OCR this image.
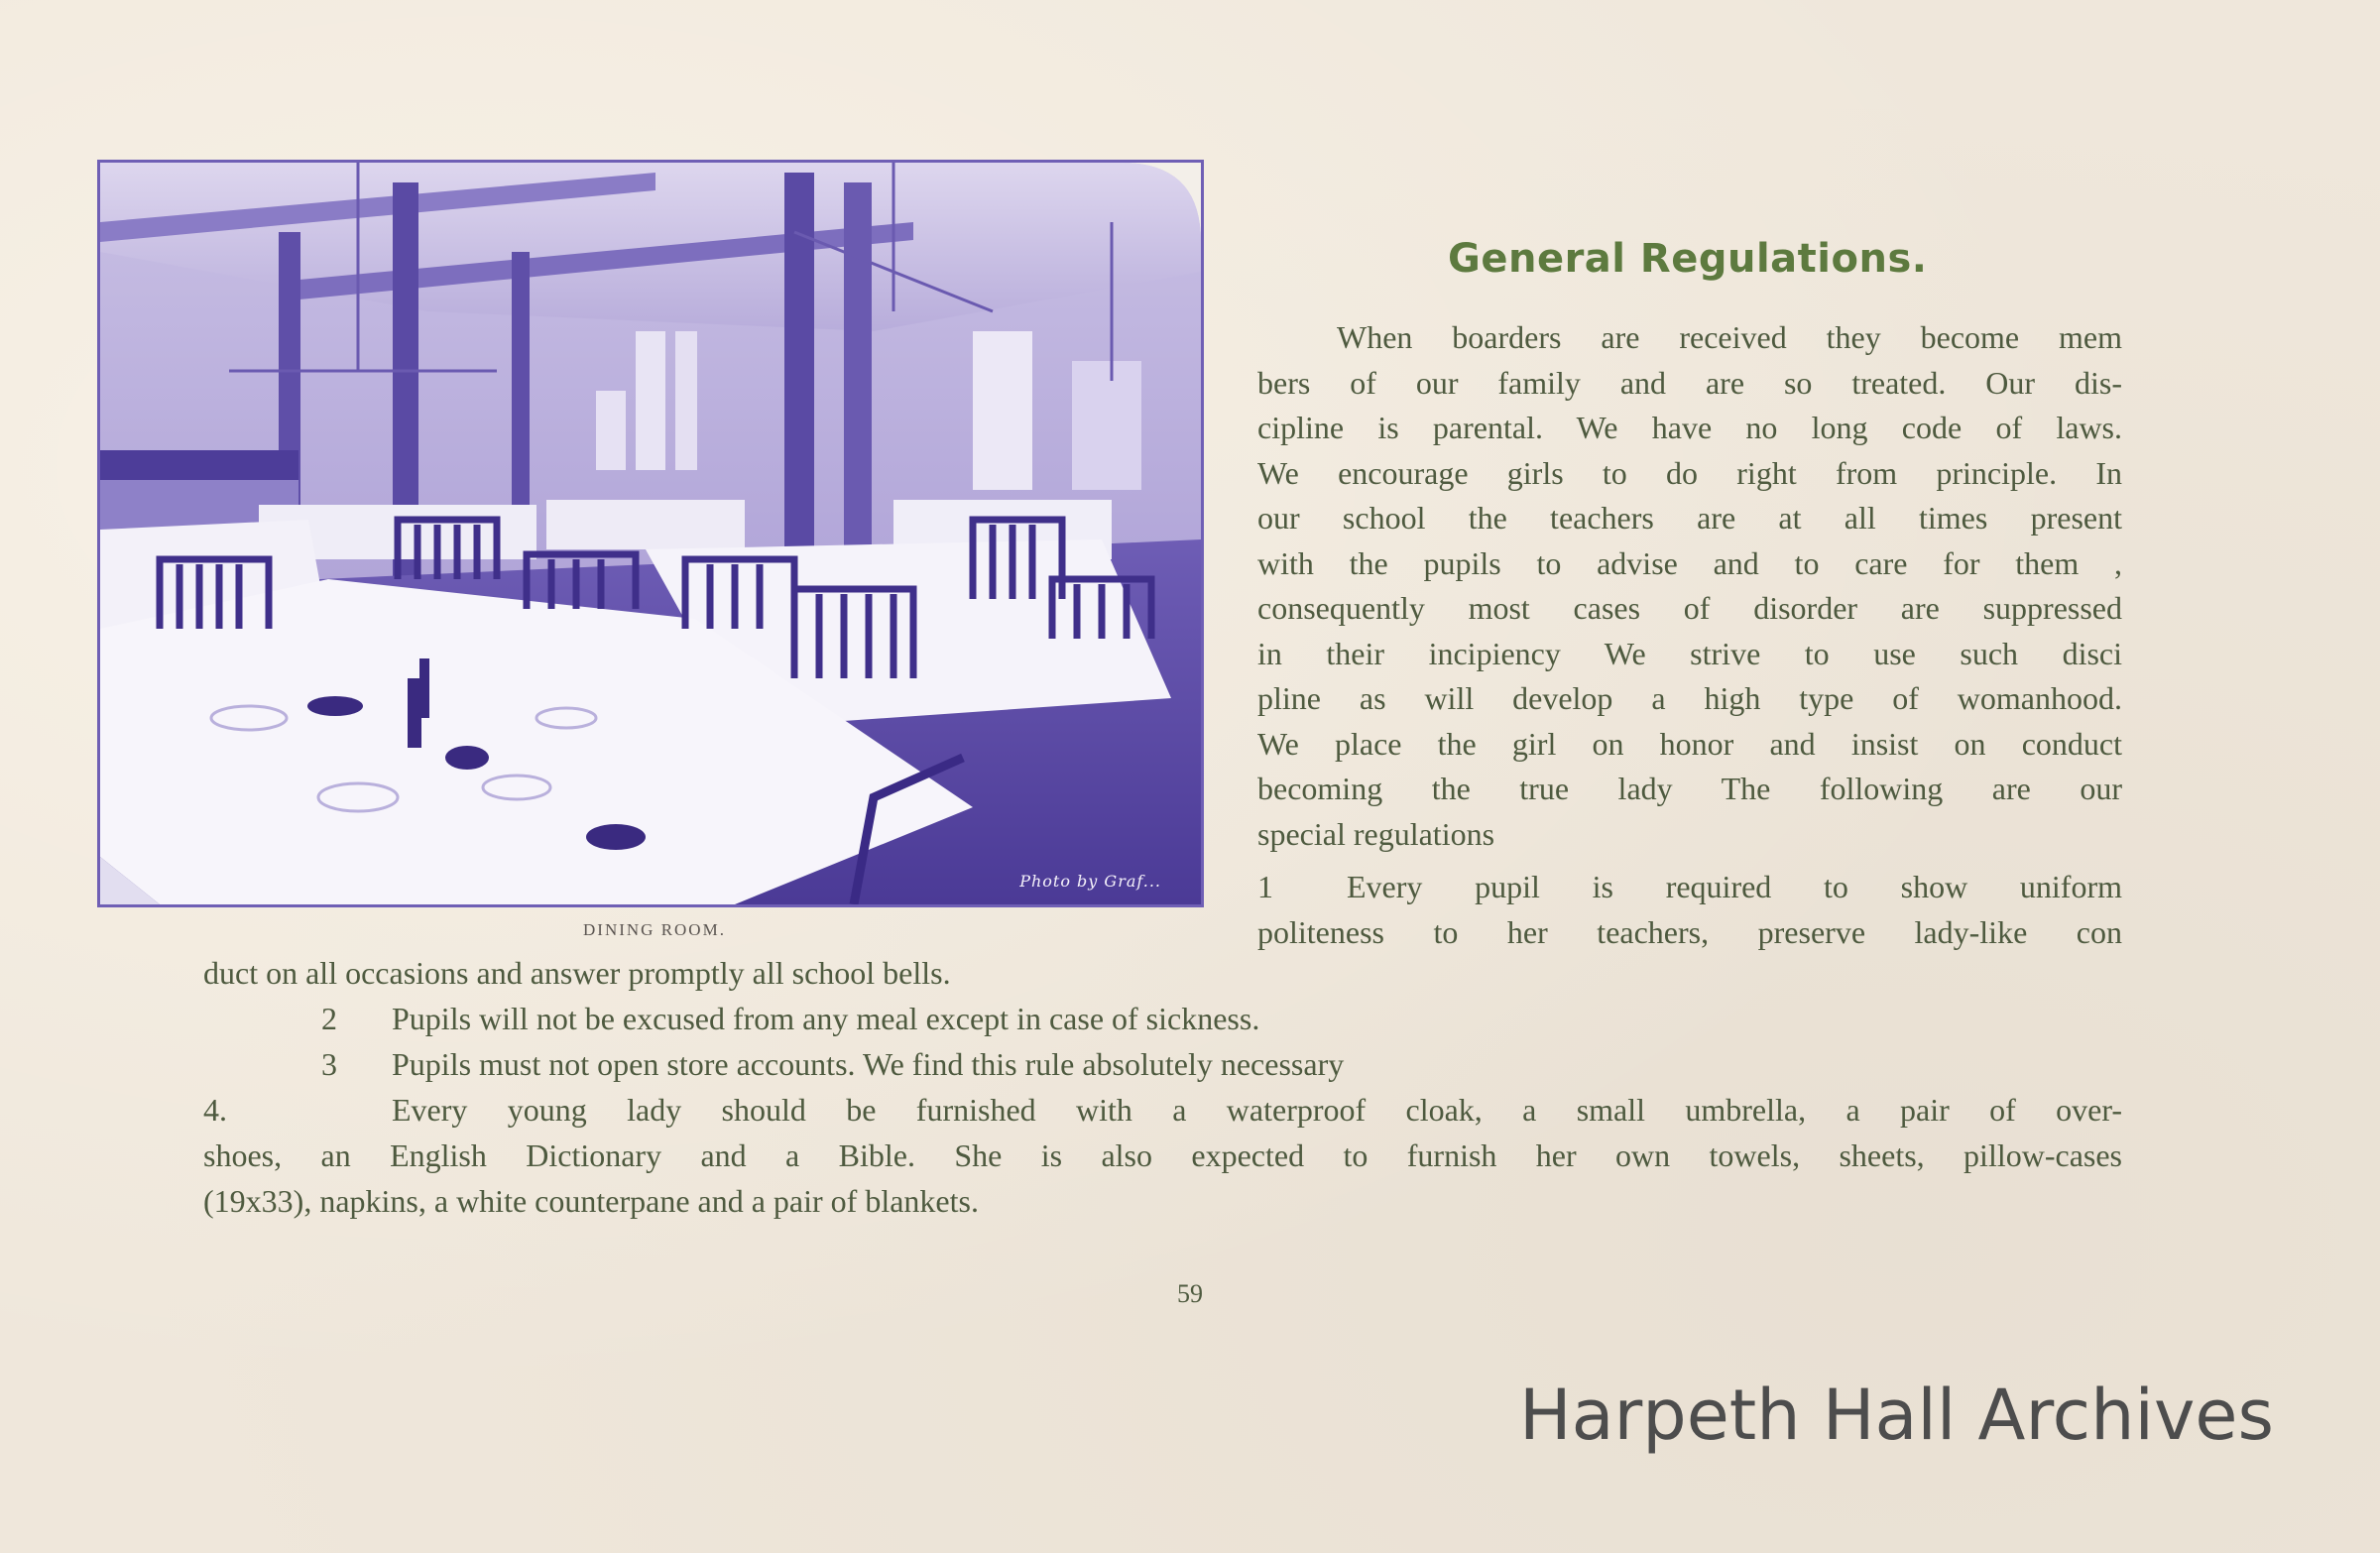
Photo by Graf...
DINING ROOM.
General Regulations.
When boarders are received they become mem
bers of our family and are so treated. Our dis-
cipline is parental. We have no long code of laws.
We encourage girls to do right from principle. In
our school the teachers are at all times present
with the pupils to advise and to care for them ,
consequently most cases of disorder are suppressed
in their incipiency We strive to use such disci
pline as will develop a high type of womanhood.
We place the girl on honor and insist on conduct
becoming the true lady The following are our
special regulations
1 Every pupil is required to show uniform
politeness to her teachers, preserve lady-like con
duct on all occasions and answer promptly all school bells.
2 Pupils will not be excused from any meal except in case of sickness.
3 Pupils must not open store accounts. We find this rule absolutely necessary
4.	Every young lady should be furnished with a waterproof cloak, a small umbrella, a pair of over-
shoes, an English Dictionary and a Bible. She is also expected to furnish her own towels, sheets, pillow-cases
(19x33), napkins, a white counterpane and a pair of blankets.
59
Harpeth Hall Archives
